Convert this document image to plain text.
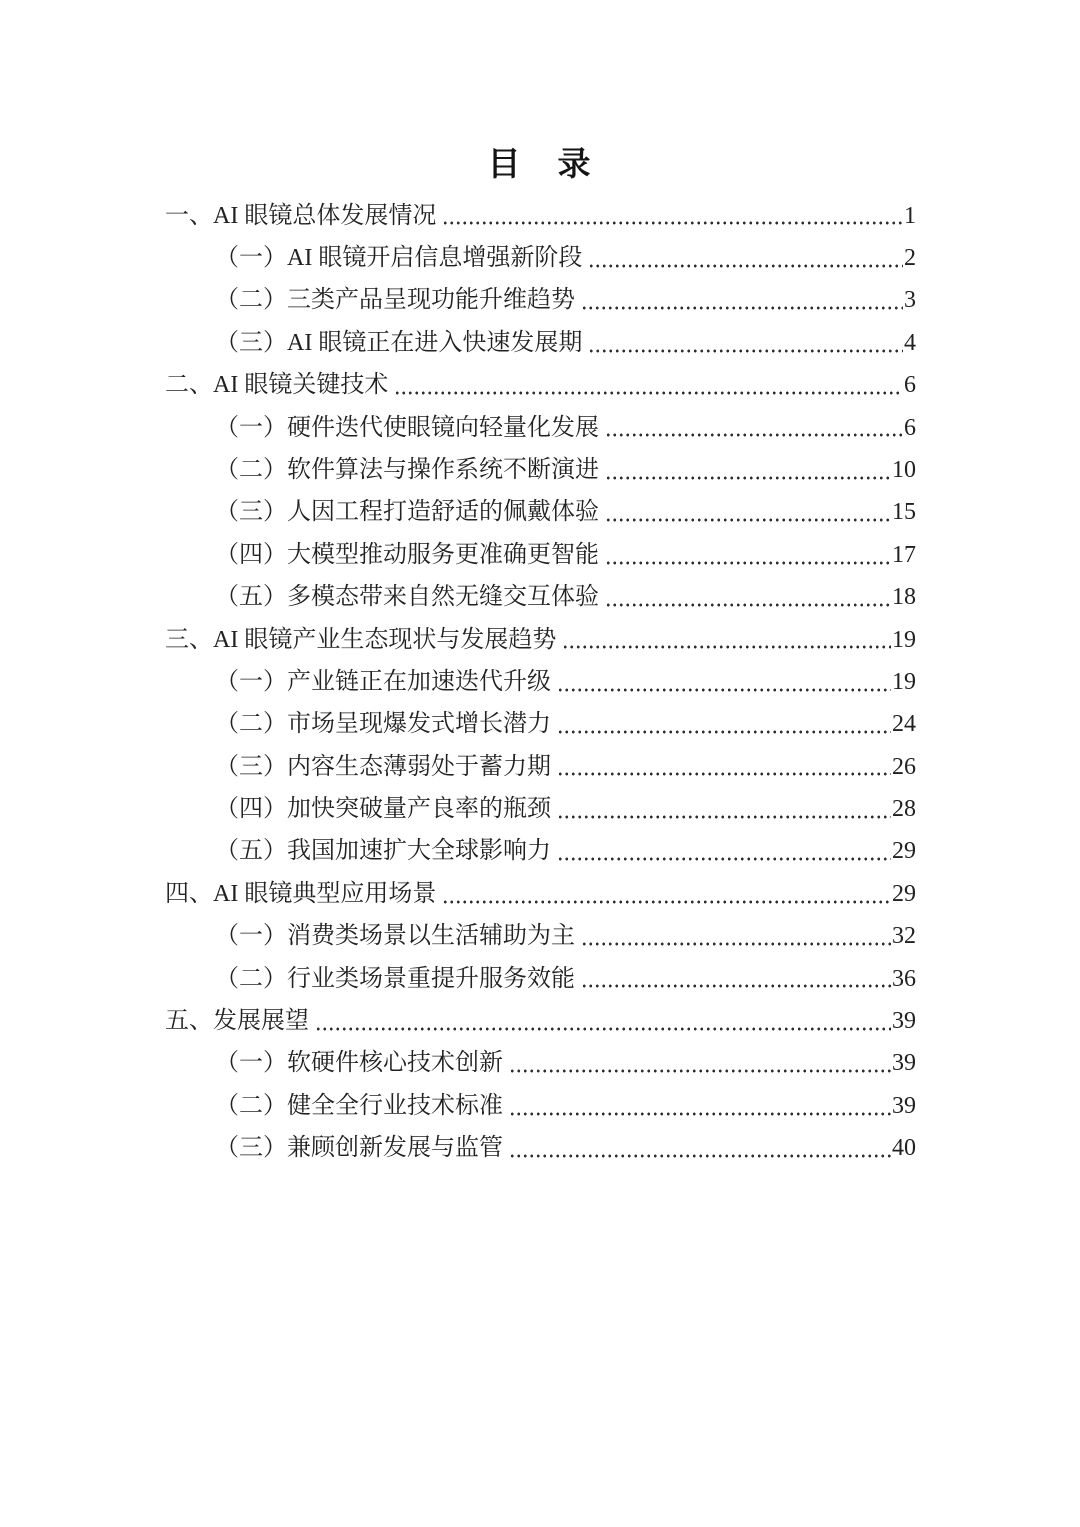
目　录
一、AI 眼镜总体发展情况	1
（一）AI 眼镜开启信息增强新阶段	2
（二）三类产品呈现功能升维趋势	3
（三）AI 眼镜正在进入快速发展期	4
二、AI 眼镜关键技术	6
（一）硬件迭代使眼镜向轻量化发展	6
（二）软件算法与操作系统不断演进	10
（三）人因工程打造舒适的佩戴体验	15
（四）大模型推动服务更准确更智能	17
（五）多模态带来自然无缝交互体验	18
三、AI 眼镜产业生态现状与发展趋势	19
（一）产业链正在加速迭代升级	19
（二）市场呈现爆发式增长潜力	24
（三）内容生态薄弱处于蓄力期	26
（四）加快突破量产良率的瓶颈	28
（五）我国加速扩大全球影响力	29
四、AI 眼镜典型应用场景	29
（一）消费类场景以生活辅助为主	32
（二）行业类场景重提升服务效能	36
五、发展展望	39
（一）软硬件核心技术创新	39
（二）健全全行业技术标准	39
（三）兼顾创新发展与监管	40
